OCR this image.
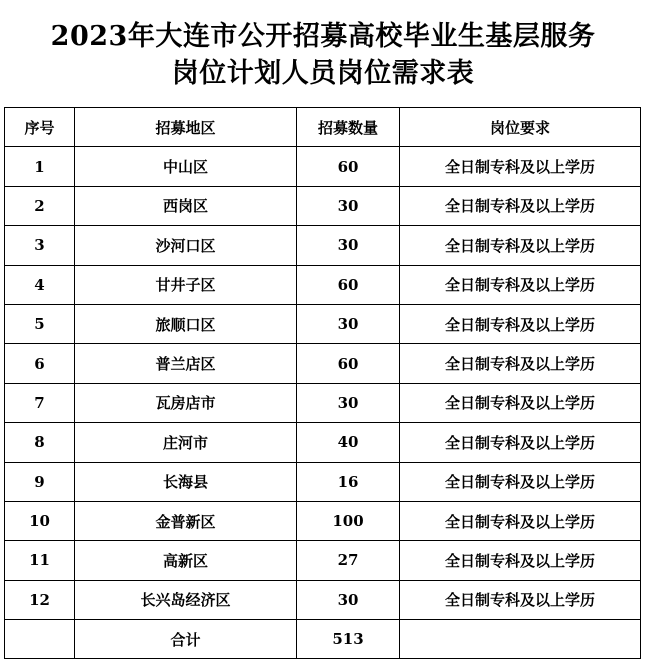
2023年大连市公开招募高校毕业生基层服务
岗位计划人员岗位需求表
序号	招募地区	招募数量	岗位要求
1	中山区	60	全日制专科及以上学历
2	西岗区	30	全日制专科及以上学历
3	沙河口区	30	全日制专科及以上学历
4	甘井子区	60	全日制专科及以上学历
5	旅顺口区	30	全日制专科及以上学历
6	普兰店区	60	全日制专科及以上学历
7	瓦房店市	30	全日制专科及以上学历
8	庄河市	40	全日制专科及以上学历
9	长海县	16	全日制专科及以上学历
10	金普新区	100	全日制专科及以上学历
11	高新区	27	全日制专科及以上学历
12	长兴岛经济区	30	全日制专科及以上学历
	合计	513	
